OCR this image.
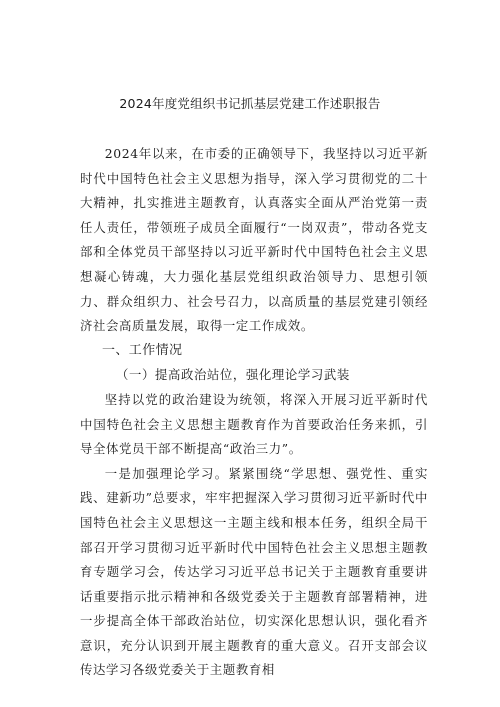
2024年度党组织书记抓基层党建工作述职报告

2024年以来，在市委的正确领导下，我坚持以习近平新时代中国特色社会主义思想为指导，深入学习贯彻党的二十大精神，扎实推进主题教育，认真落实全面从严治党第一责任人责任，带领班子成员全面履行“一岗双责”，带动各党支部和全体党员干部坚持以习近平新时代中国特色社会主义思想凝心铸魂，大力强化基层党组织政治领导力、思想引领力、群众组织力、社会号召力，以高质量的基层党建引领经济社会高质量发展，取得一定工作成效。

一、工作情况
（一）提高政治站位，强化理论学习武装

坚持以党的政治建设为统领，将深入开展习近平新时代中国特色社会主义思想主题教育作为首要政治任务来抓，引导全体党员干部不断提高“政治三力”。

一是加强理论学习。紧紧围绕“学思想、强党性、重实践、建新功”总要求，牢牢把握深入学习贯彻习近平新时代中国特色社会主义思想这一主题主线和根本任务，组织全局干部召开学习贯彻习近平新时代中国特色社会主义思想主题教育专题学习会，传达学习习近平总书记关于主题教育重要讲话重要指示批示精神和各级党委关于主题教育部署精神，进一步提高全体干部政治站位，切实深化思想认识，强化看齐意识，充分认识到开展主题教育的重大意义。召开支部会议传达学习各级党委关于主题教育相
